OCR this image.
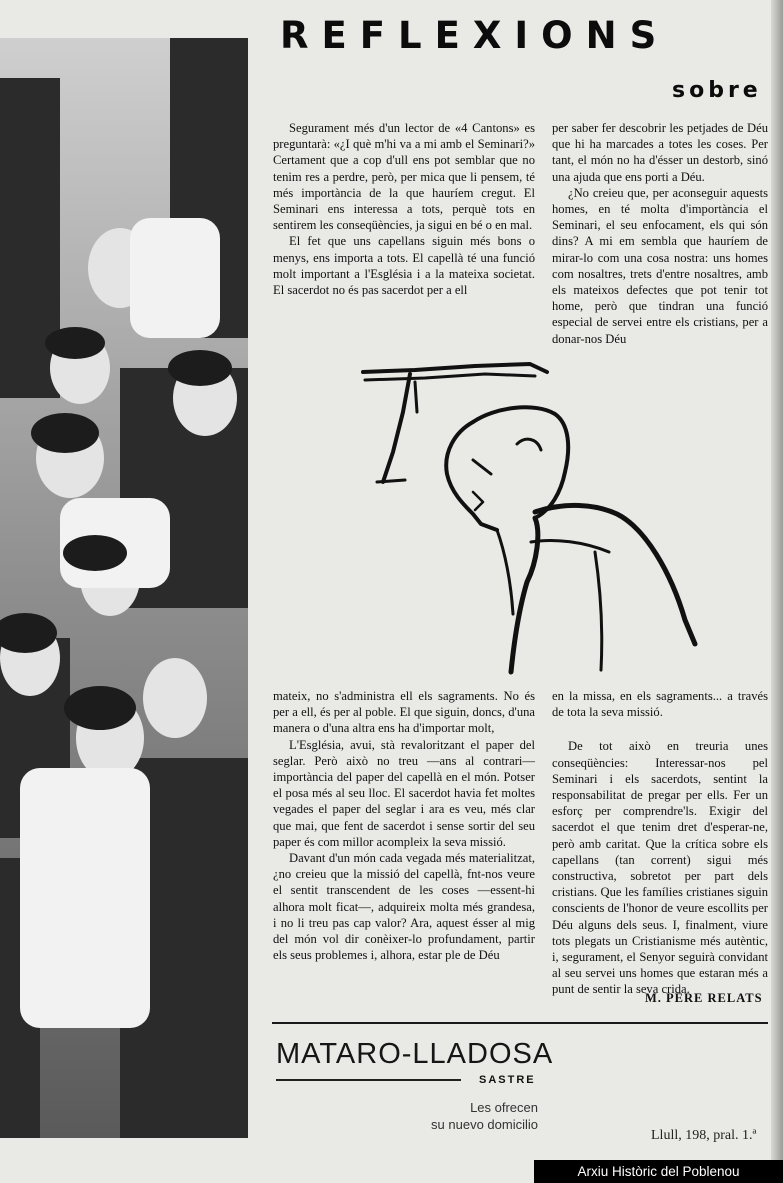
REFLEXIONS
sobre

Segurament més d'un lector de «4 Cantons» es preguntarà: «¿I què m'hi va a mi amb el Seminari?» Certament que a cop d'ull ens pot semblar que no tenim res a perdre, però, per mica que li pensem, té més importància de la que hauríem cregut. El Seminari ens interessa a tots, perquè tots en sentirem les conseqüències, ja sigui en bé o en mal.

El fet que uns capellans siguin més bons o menys, ens importa a tots. El capellà té una funció molt important a l'Església i a la mateixa societat. El sacerdot no és pas sacerdot per a ell

per saber fer descobrir les petjades de Déu que hi ha marcades a totes les coses. Per tant, el món no ha d'ésser un destorb, sinó una ajuda que ens porti a Déu.

¿No creieu que, per aconseguir aquests homes, en té molta d'importància el Seminari, el seu enfocament, els qui són dins? A mi em sembla que hauríem de mirar-lo com una cosa nostra: uns homes com nosaltres, trets d'entre nosaltres, amb els mateixos defectes que pot tenir tot home, però que tindran una funció especial de servei entre els cristians, per a donar-nos Déu

mateix, no s'administra ell els sagraments. No és per a ell, és per al poble. El que siguin, doncs, d'una manera o d'una altra ens ha d'importar molt,

L'Església, avui, stà revaloritzant el paper del seglar. Però això no treu —ans al contrari— importància del paper del capellà en el món. Potser el posa més al seu lloc. El sacerdot havia fet moltes vegades el paper del seglar i ara es veu, més clar que mai, que fent de sacerdot i sense sortir del seu paper és com millor acompleix la seva missió.

Davant d'un món cada vegada més materialitzat, ¿no creieu que la missió del capellà, fnt-nos veure el sentit transcendent de les coses —essent-hi alhora molt ficat—, adquireix molta més grandesa, i no li treu pas cap valor? Ara, aquest ésser al mig del món vol dir conèixer-lo profundament, partir els seus problemes i, alhora, estar ple de Déu

en la missa, en els sagraments... a través de tota la seva missió.

De tot això en treuria unes conseqüències: Interessar-nos pel Seminari i els sacerdots, sentint la responsabilitat de pregar per ells. Fer un esforç per comprendre'ls. Exigir del sacerdot el que tenim dret d'esperar-ne, però amb caritat. Que la crítica sobre els capellans (tan corrent) sigui més constructiva, sobretot per part dels cristians. Que les famílies cristianes siguin conscients de l'honor de veure escollits per Déu alguns dels seus. I, finalment, viure tots plegats un Cristianisme més autèntic, i, segurament, el Senyor seguirà convidant al seu servei uns homes que estaran més a punt de sentir la seva crida.

M. PERE RELATS
MATARO-LLADOSA
SASTRE
Les ofrecen
su nuevo domicilio
Llull, 198, pral. 1.ª
Arxiu Històric del Poblenou
